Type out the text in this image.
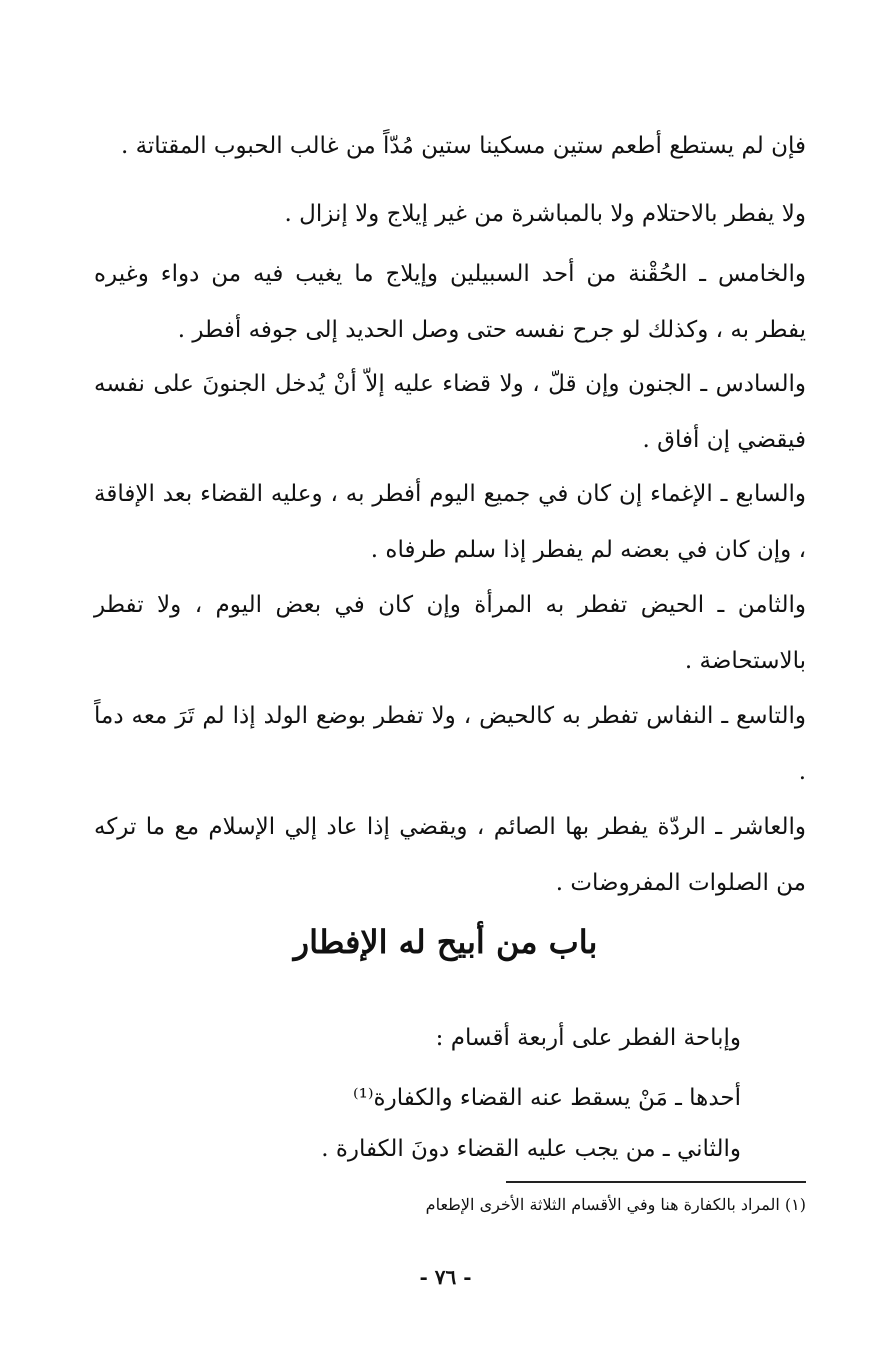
فإن لم يستطع أطعم ستين مسكينا ستين مُدّاً من غالب الحبوب المقتاتة .

ولا يفطر بالاحتلام ولا بالمباشرة من غير إيلاج ولا إنزال .

والخامس ـ الحُقْنة من أحد السبيلين وإيلاج ما يغيب فيه من دواء وغيره يفطر به ، وكذلك لو جرح نفسه حتى وصل الحديد إلى جوفه أفطر .

والسادس ـ الجنون وإن قلّ ، ولا قضاء عليه إلاّ أنْ يُدخل الجنونَ على نفسه فيقضي إن أفاق .

والسابع ـ الإغماء إن كان في جميع اليوم أفطر به ، وعليه القضاء بعد الإفاقة ، وإن كان في بعضه لم يفطر إذا سلم طرفاه .

والثامن ـ الحيض تفطر به المرأة وإن كان في بعض اليوم ، ولا تفطر بالاستحاضة .

والتاسع ـ النفاس تفطر به كالحيض ، ولا تفطر بوضع الولد إذا لم تَرَ معه دماً .

والعاشر ـ الردّة يفطر بها الصائم ، ويقضي إذا عاد إلي الإسلام مع ما تركه من الصلوات المفروضات .

باب من أبيح له الإفطار

وإباحة الفطر على أربعة أقسام :

أحدها ـ مَنْ يسقط عنه القضاء والكفارة⁽¹⁾

والثاني ـ من يجب عليه القضاء دونَ الكفارة .

(١) المراد بالكفارة هنا وفي الأقسام الثلاثة الأخرى الإطعام

- ٧٦ -
